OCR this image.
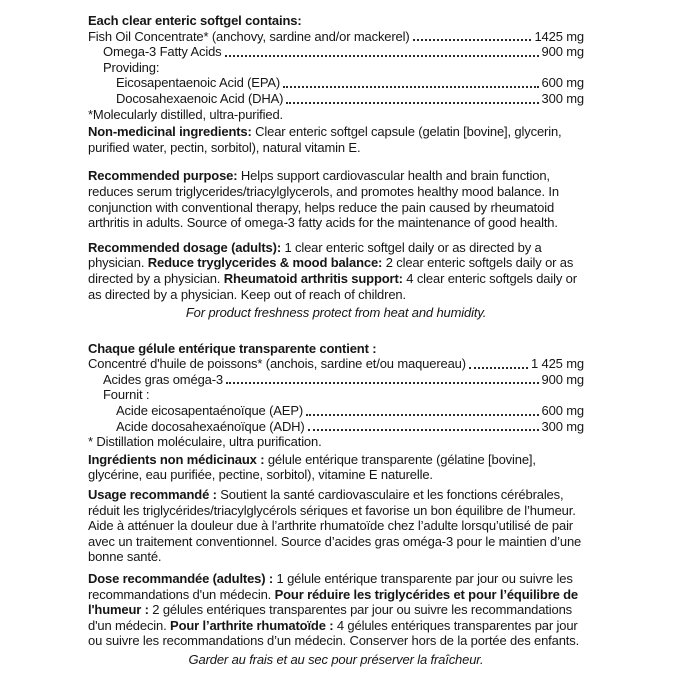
Each clear enteric softgel contains:
Fish Oil Concentrate* (anchovy, sardine and/or mackerel)	1425 mg
Omega-3 Fatty Acids	900 mg
Providing:
Eicosapentaenoic Acid (EPA)	600 mg
Docosahexaenoic Acid (DHA)	300 mg
*Molecularly distilled, ultra-purified.

Non-medicinal ingredients: Clear enteric softgel capsule (gelatin [bovine], glycerin, purified water, pectin, sorbitol), natural vitamin E.

Recommended purpose: Helps support cardiovascular health and brain function, reduces serum triglycerides/triacylglycerols, and promotes healthy mood balance. In conjunction with conventional therapy, helps reduce the pain caused by rheumatoid arthritis in adults. Source of omega-3 fatty acids for the maintenance of good health.

Recommended dosage (adults): 1 clear enteric softgel daily or as directed by a physician. Reduce tryglycerides & mood balance: 2 clear enteric softgels daily or as directed by a physician. Rheumatoid arthritis support: 4 clear enteric softgels daily or as directed by a physician. Keep out of reach of children.

For product freshness protect from heat and humidity.

Chaque gélule entérique transparente contient :
Concentré d'huile de poissons* (anchois, sardine et/ou maquereau)	1 425 mg
Acides gras oméga-3	900 mg
Fournit :
Acide eicosapentaénoïque (AEP)	600 mg
Acide docosahexaénoïque (ADH)	300 mg
* Distillation moléculaire, ultra purification.

Ingrédients non médicinaux : gélule entérique transparente (gélatine [bovine], glycérine, eau purifiée, pectine, sorbitol), vitamine E naturelle.

Usage recommandé : Soutient la santé cardiovasculaire et les fonctions cérébrales, réduit les triglycérides/triacylglycérols sériques et favorise un bon équilibre de l’humeur. Aide à atténuer la douleur due à l’arthrite rhumatoïde chez l’adulte lorsqu’utilisé de pair avec un traitement conventionnel. Source d’acides gras oméga-3 pour le maintien d’une bonne santé.

Dose recommandée (adultes) : 1 gélule entérique transparente par jour ou suivre les recommandations d'un médecin. Pour réduire les triglycérides et pour l’équilibre de l'humeur : 2 gélules entériques transparentes par jour ou suivre les recommandations d'un médecin. Pour l’arthrite rhumatoïde : 4 gélules entériques transparentes par jour ou suivre les recommandations d’un médecin. Conserver hors de la portée des enfants.

Garder au frais et au sec pour préserver la fraîcheur.
